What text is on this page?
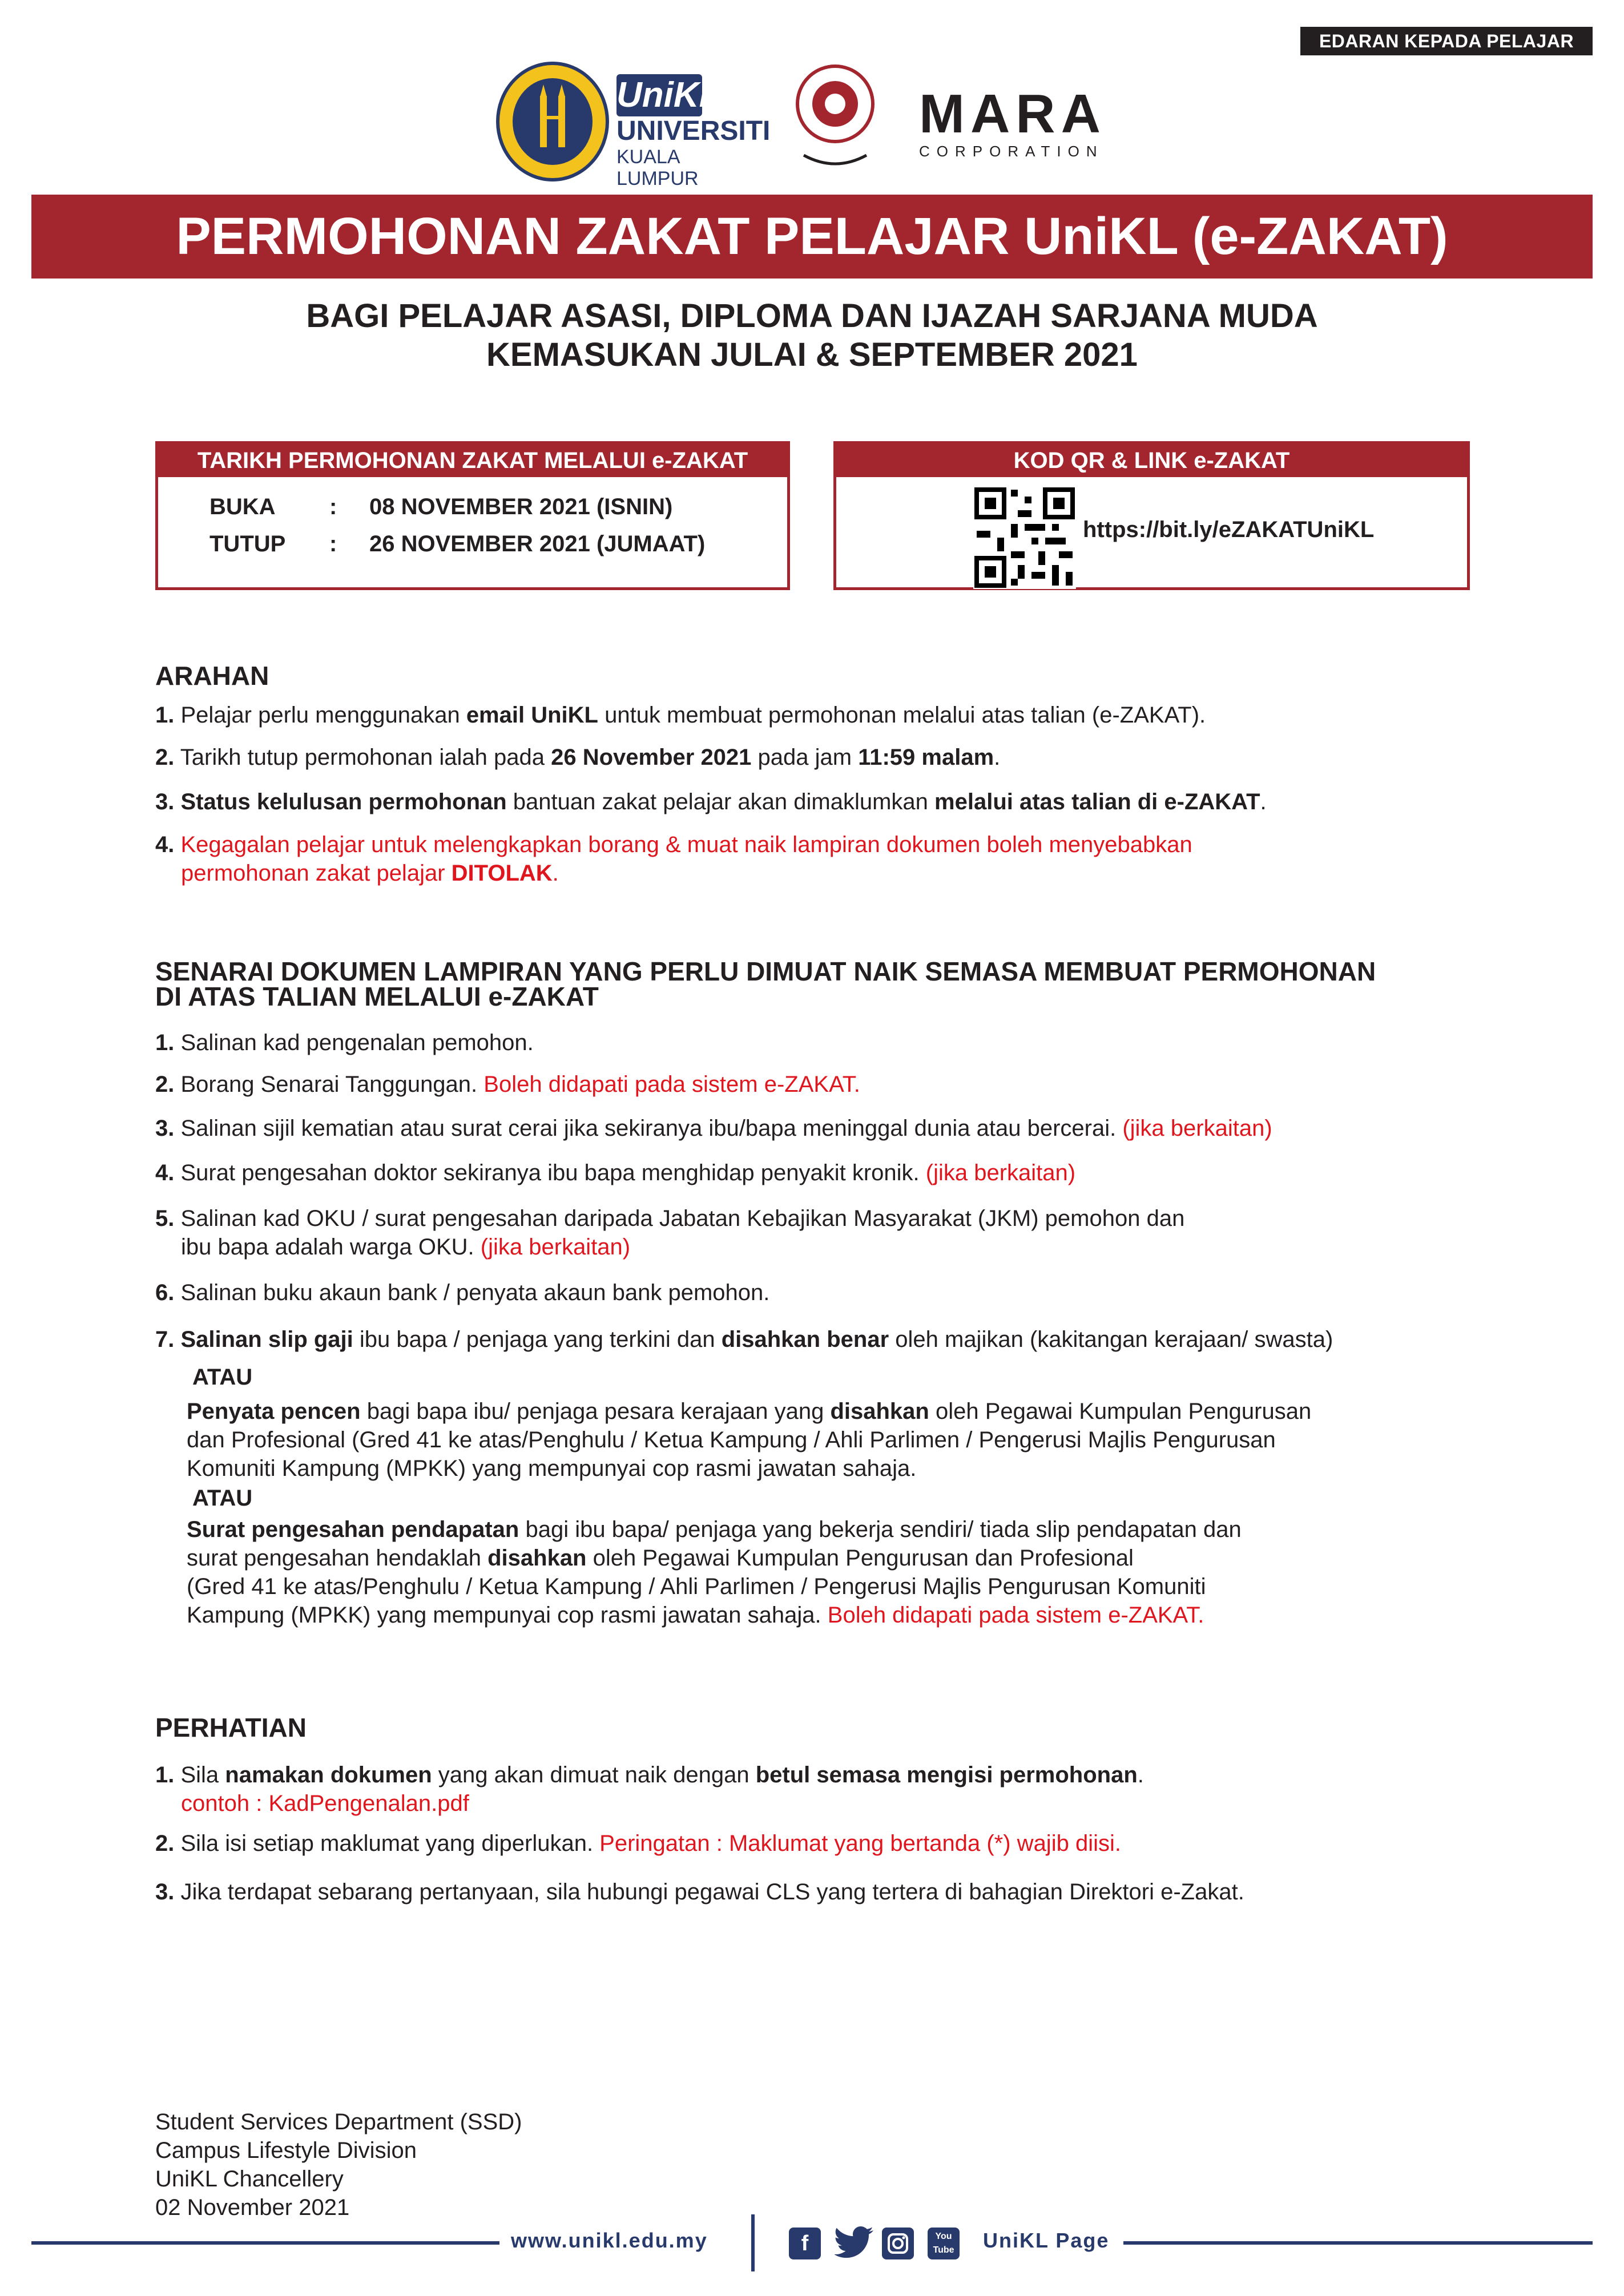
EDARAN KEPADA PELAJAR
UniKL
UNIVERSITI
KUALA LUMPUR
MARA
CORPORATION
PERMOHONAN ZAKAT PELAJAR UniKL (e-ZAKAT)
BAGI PELAJAR ASASI, DIPLOMA DAN IJAZAH SARJANA MUDA
KEMASUKAN JULAI & SEPTEMBER 2021
TARIKH PERMOHONAN ZAKAT MELALUI e-ZAKAT
BUKA : 08 NOVEMBER 2021 (ISNIN)
TUTUP : 26 NOVEMBER 2021 (JUMAAT)
KOD QR & LINK e-ZAKAT
https://bit.ly/eZAKATUniKL
ARAHAN
1. Pelajar perlu menggunakan email UniKL untuk membuat permohonan melalui atas talian (e-ZAKAT).
2. Tarikh tutup permohonan ialah pada 26 November 2021 pada jam 11:59 malam.
3. Status kelulusan permohonan bantuan zakat pelajar akan dimaklumkan melalui atas talian di e-ZAKAT.
4. Kegagalan pelajar untuk melengkapkan borang & muat naik lampiran dokumen boleh menyebabkan
permohonan zakat pelajar DITOLAK.
SENARAI DOKUMEN LAMPIRAN YANG PERLU DIMUAT NAIK SEMASA MEMBUAT PERMOHONAN
DI ATAS TALIAN MELALUI e-ZAKAT
1. Salinan kad pengenalan pemohon.
2. Borang Senarai Tanggungan. Boleh didapati pada sistem e-ZAKAT.
3. Salinan sijil kematian atau surat cerai jika sekiranya ibu/bapa meninggal dunia atau bercerai. (jika berkaitan)
4. Surat pengesahan doktor sekiranya ibu bapa menghidap penyakit kronik. (jika berkaitan)
5. Salinan kad OKU / surat pengesahan daripada Jabatan Kebajikan Masyarakat (JKM) pemohon dan
ibu bapa adalah warga OKU. (jika berkaitan)
6. Salinan buku akaun bank / penyata akaun bank pemohon.
7. Salinan slip gaji ibu bapa / penjaga yang terkini dan disahkan benar oleh majikan (kakitangan kerajaan/ swasta)
ATAU
Penyata pencen bagi bapa ibu/ penjaga pesara kerajaan yang disahkan oleh Pegawai Kumpulan Pengurusan
dan Profesional (Gred 41 ke atas/Penghulu / Ketua Kampung / Ahli Parlimen / Pengerusi Majlis Pengurusan
Komuniti Kampung (MPKK) yang mempunyai cop rasmi jawatan sahaja.
ATAU
Surat pengesahan pendapatan bagi ibu bapa/ penjaga yang bekerja sendiri/ tiada slip pendapatan dan
surat pengesahan hendaklah disahkan oleh Pegawai Kumpulan Pengurusan dan Profesional
(Gred 41 ke atas/Penghulu / Ketua Kampung / Ahli Parlimen / Pengerusi Majlis Pengurusan Komuniti
Kampung (MPKK) yang mempunyai cop rasmi jawatan sahaja. Boleh didapati pada sistem e-ZAKAT.
PERHATIAN
1. Sila namakan dokumen yang akan dimuat naik dengan betul semasa mengisi permohonan.
contoh : KadPengenalan.pdf
2. Sila isi setiap maklumat yang diperlukan. Peringatan : Maklumat yang bertanda (*) wajib diisi.
3. Jika terdapat sebarang pertanyaan, sila hubungi pegawai CLS yang tertera di bahagian Direktori e-Zakat.
Student Services Department (SSD)
Campus Lifestyle Division
UniKL Chancellery
02 November 2021
www.unikl.edu.my	f	You Tube UniKL Page
